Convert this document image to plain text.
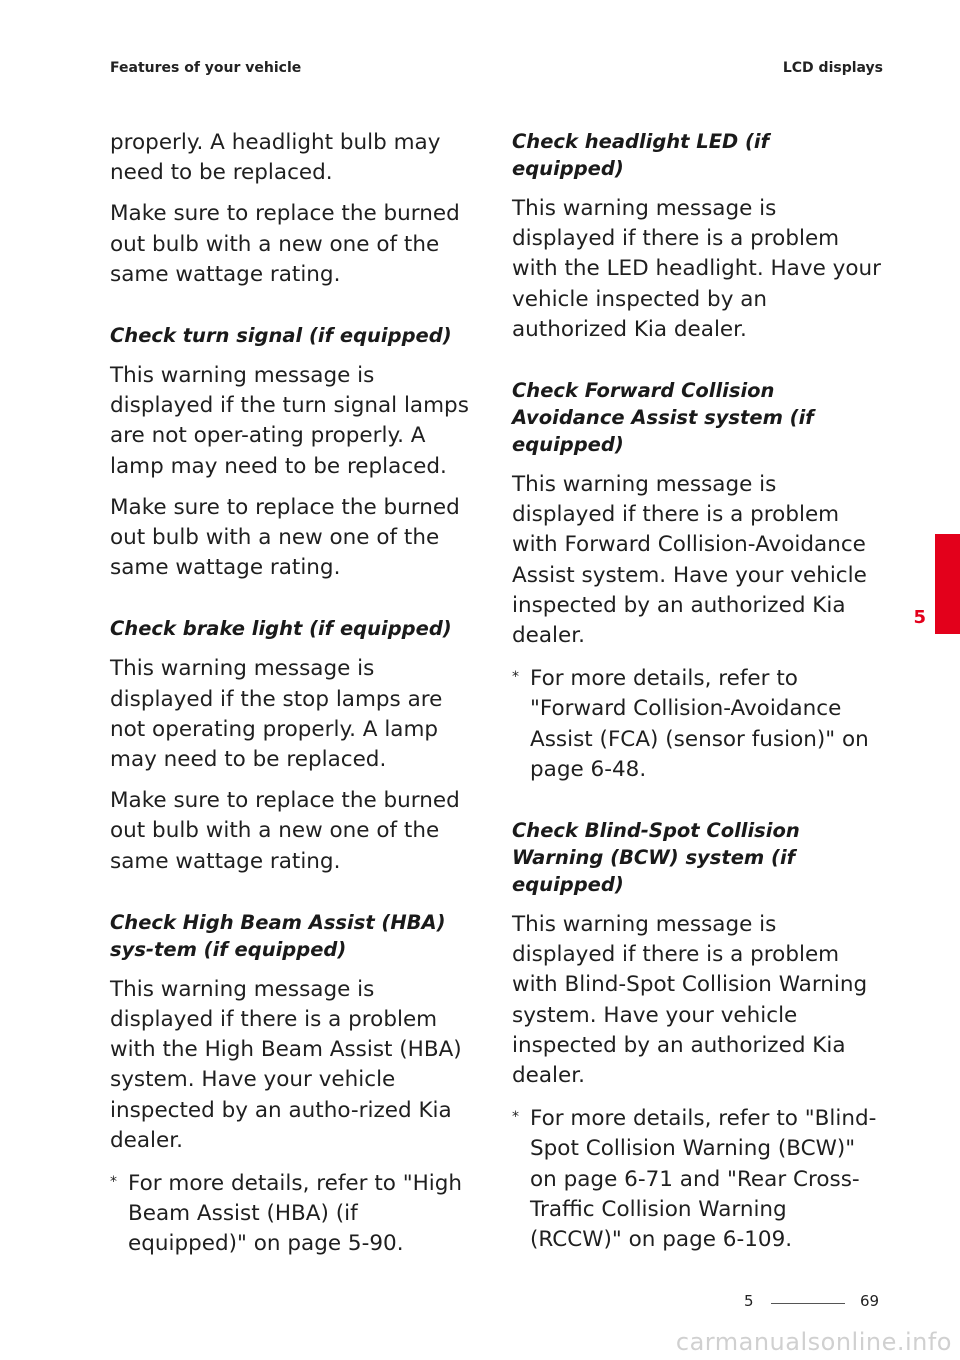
Features of your vehicle	LCD displays

properly. A headlight bulb may need to be replaced.

Make sure to replace the burned out bulb with a new one of the same wattage rating.

Check turn signal (if equipped)

This warning message is displayed if the turn signal lamps are not oper-ating properly. A lamp may need to be replaced.

Make sure to replace the burned out bulb with a new one of the same wattage rating.

Check brake light (if equipped)

This warning message is displayed if the stop lamps are not operating properly. A lamp may need to be replaced.

Make sure to replace the burned out bulb with a new one of the same wattage rating.

Check High Beam Assist (HBA) sys-tem (if equipped)

This warning message is displayed if there is a problem with the High Beam Assist (HBA) system. Have your vehicle inspected by an autho-rized Kia dealer.

* For more details, refer to "High Beam Assist (HBA) (if equipped)" on page 5-90.

Check headlight LED (if equipped)

This warning message is displayed if there is a problem with the LED headlight. Have your vehicle inspected by an authorized Kia dealer.

Check Forward Collision Avoidance Assist system (if equipped)

This warning message is displayed if there is a problem with Forward Collision-Avoidance Assist system. Have your vehicle inspected by an authorized Kia dealer.

* For more details, refer to "Forward Collision-Avoidance Assist (FCA) (sensor fusion)" on page 6-48.

Check Blind-Spot Collision Warning (BCW) system (if equipped)

This warning message is displayed if there is a problem with Blind-Spot Collision Warning system. Have your vehicle inspected by an authorized Kia dealer.

* For more details, refer to "Blind-Spot Collision Warning (BCW)" on page 6-71 and "Rear Cross-Traffic Collision Warning (RCCW)" on page 6-109.

5
5	69
carmanualsonline.info
